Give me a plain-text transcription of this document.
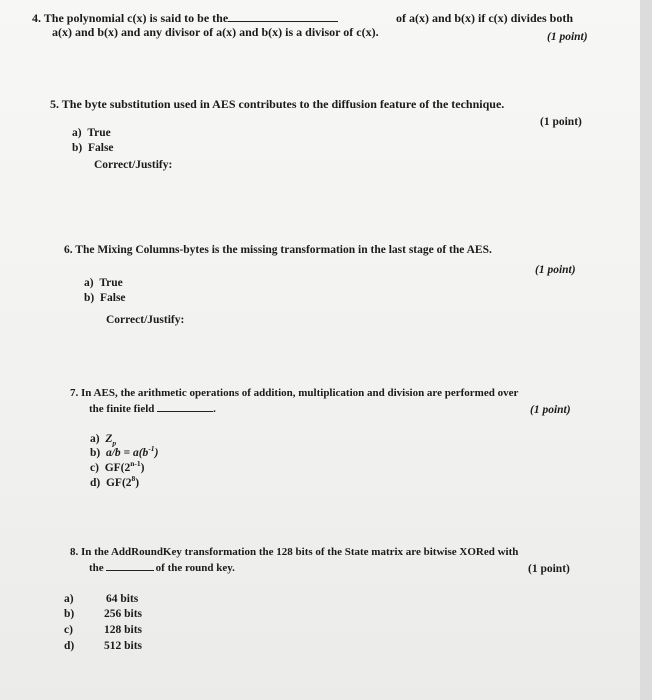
4. The polynomial c(x) is said to be the	of a(x) and b(x) if c(x) divides both
a(x) and b(x) and any divisor of a(x) and b(x) is a divisor of c(x).	(1 point)
5. The byte substitution used in AES contributes to the diffusion feature of the technique.
(1 point)
a) True
b) False
Correct/Justify:
6. The Mixing Columns-bytes is the missing transformation in the last stage of the AES.
(1 point)
a) True
b) False
Correct/Justify:
7. In AES, the arithmetic operations of addition, multiplication and division are performed over
the finite field	.	(1 point)
a) $Z_p$
b) $a/b = a(b^{-1})$
c) GF(2$^{n-1}$)
d) $GF(2^8)$
8. In the AddRoundKey transformation the 128 bits of the State matrix are bitwise XORed with
the	of the round key.	(1 point)
a)	64 bits
b)	256 bits
c)	128 bits
d)	512 bits
